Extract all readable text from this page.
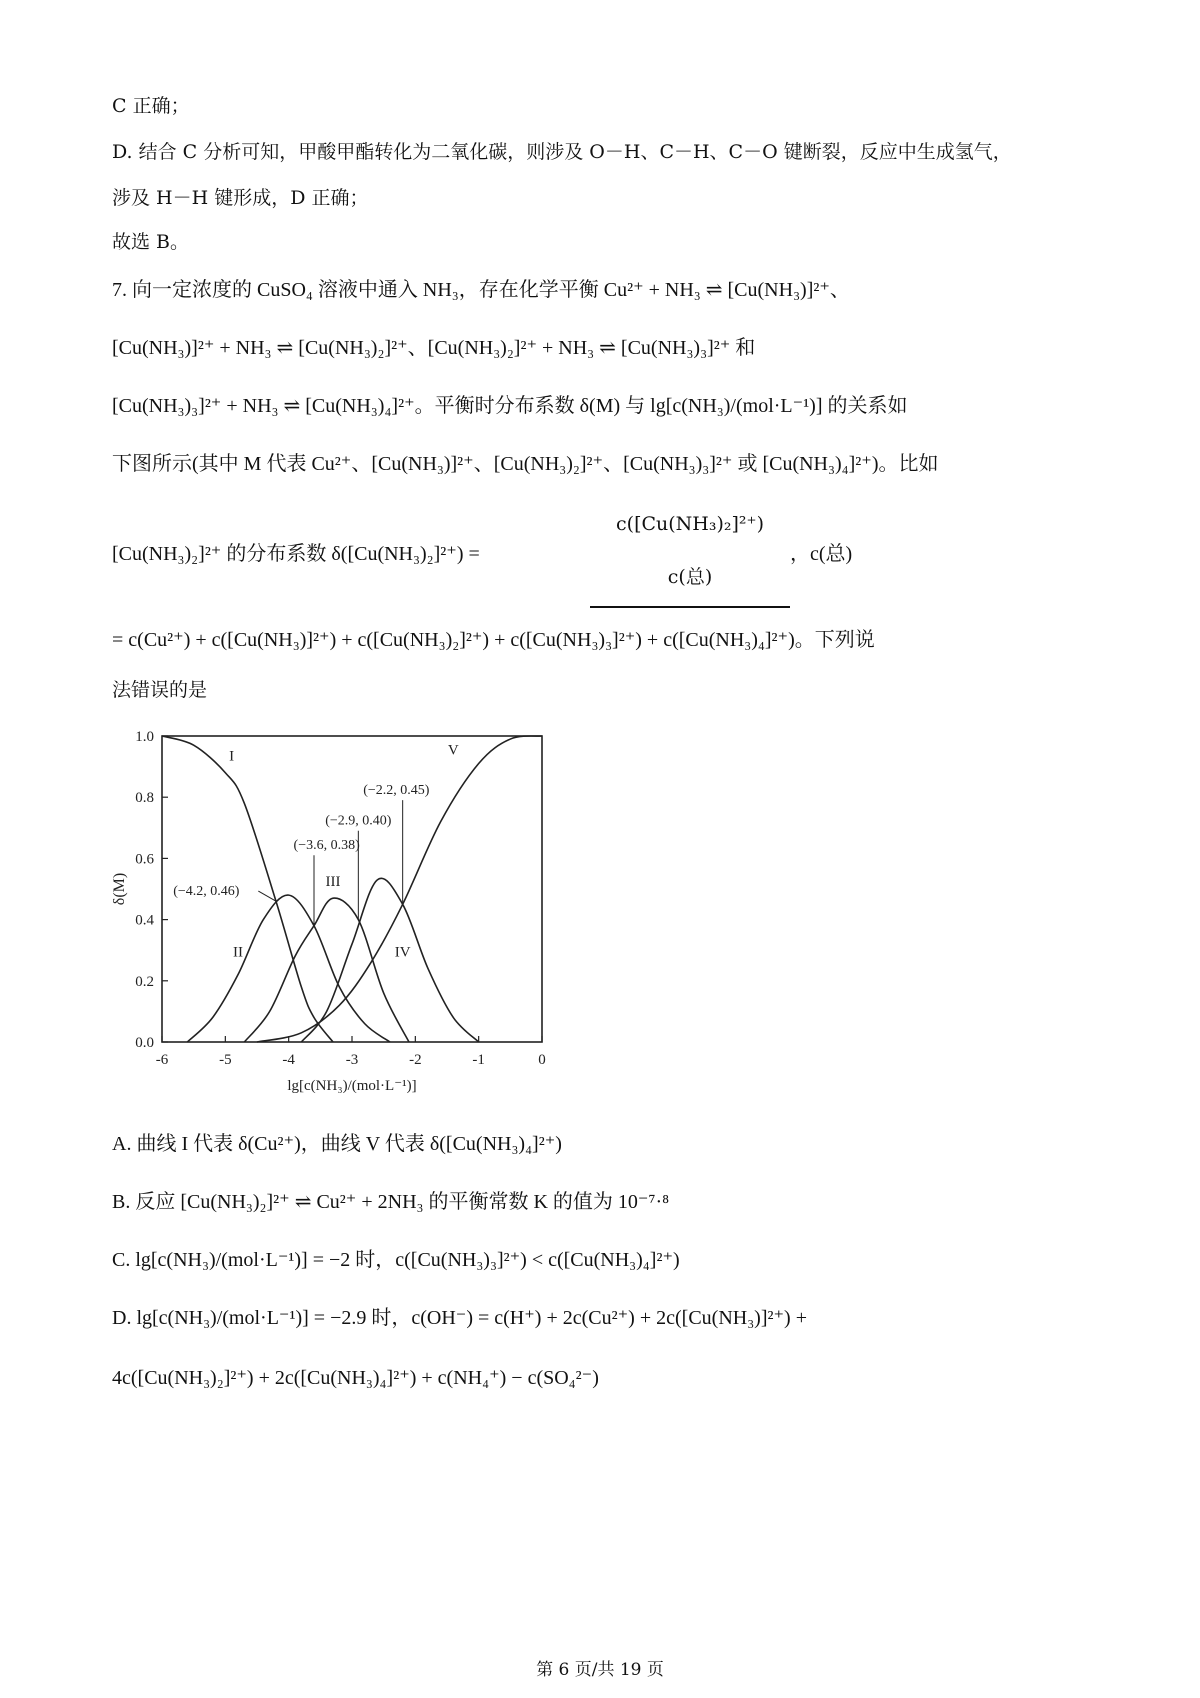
C 正确；
D. 结合 C 分析可知，甲酸甲酯转化为二氧化碳，则涉及 O－H、C－H、C－O 键断裂，反应中生成氢气，
涉及 H－H 键形成，D 正确；
故选 B。
7. 向一定浓度的 CuSO₄ 溶液中通入 NH₃，存在化学平衡 Cu²⁺ + NH₃ ⇌ [Cu(NH₃)]²⁺、
[Cu(NH₃)]²⁺ + NH₃ ⇌ [Cu(NH₃)₂]²⁺、[Cu(NH₃)₂]²⁺ + NH₃ ⇌ [Cu(NH₃)₃]²⁺ 和
[Cu(NH₃)₃]²⁺ + NH₃ ⇌ [Cu(NH₃)₄]²⁺。平衡时分布系数 δ(M) 与 lg[c(NH₃)/(mol·L⁻¹)] 的关系如
下图所示(其中 M 代表 Cu²⁺、[Cu(NH₃)]²⁺、[Cu(NH₃)₂]²⁺、[Cu(NH₃)₃]²⁺ 或 [Cu(NH₃)₄]²⁺)。比如
[Cu(NH₃)₂]²⁺ 的分布系数 δ([Cu(NH₃)₂]²⁺) =
c([Cu(NH₃)₂]²⁺)
c(总)
，c(总)
= c(Cu²⁺) + c([Cu(NH₃)]²⁺) + c([Cu(NH₃)₂]²⁺) + c([Cu(NH₃)₃]²⁺) + c([Cu(NH₃)₄]²⁺)。下列说
法错误的是
-6	-5	-4	-3	-2	-1	0
0.0
0.2
0.4
0.6
0.8
1.0
lg[c(NH₃)/(mol·L⁻¹)]
δ(M)
I
II
III
IV
V
(−4.2, 0.46)
(−3.6, 0.38)
(−2.9, 0.40)
(−2.2, 0.45)
A. 曲线 I 代表 δ(Cu²⁺)，曲线 V 代表 δ([Cu(NH₃)₄]²⁺)
B. 反应 [Cu(NH₃)₂]²⁺ ⇌ Cu²⁺ + 2NH₃ 的平衡常数 K 的值为 10⁻⁷·⁸
C. lg[c(NH₃)/(mol·L⁻¹)] = −2 时，c([Cu(NH₃)₃]²⁺) < c([Cu(NH₃)₄]²⁺)
D. lg[c(NH₃)/(mol·L⁻¹)] = −2.9 时，c(OH⁻) = c(H⁺) + 2c(Cu²⁺) + 2c([Cu(NH₃)]²⁺) +
4c([Cu(NH₃)₂]²⁺) + 2c([Cu(NH₃)₄]²⁺) + c(NH₄⁺) − c(SO₄²⁻)
第 6 页/共 19 页
